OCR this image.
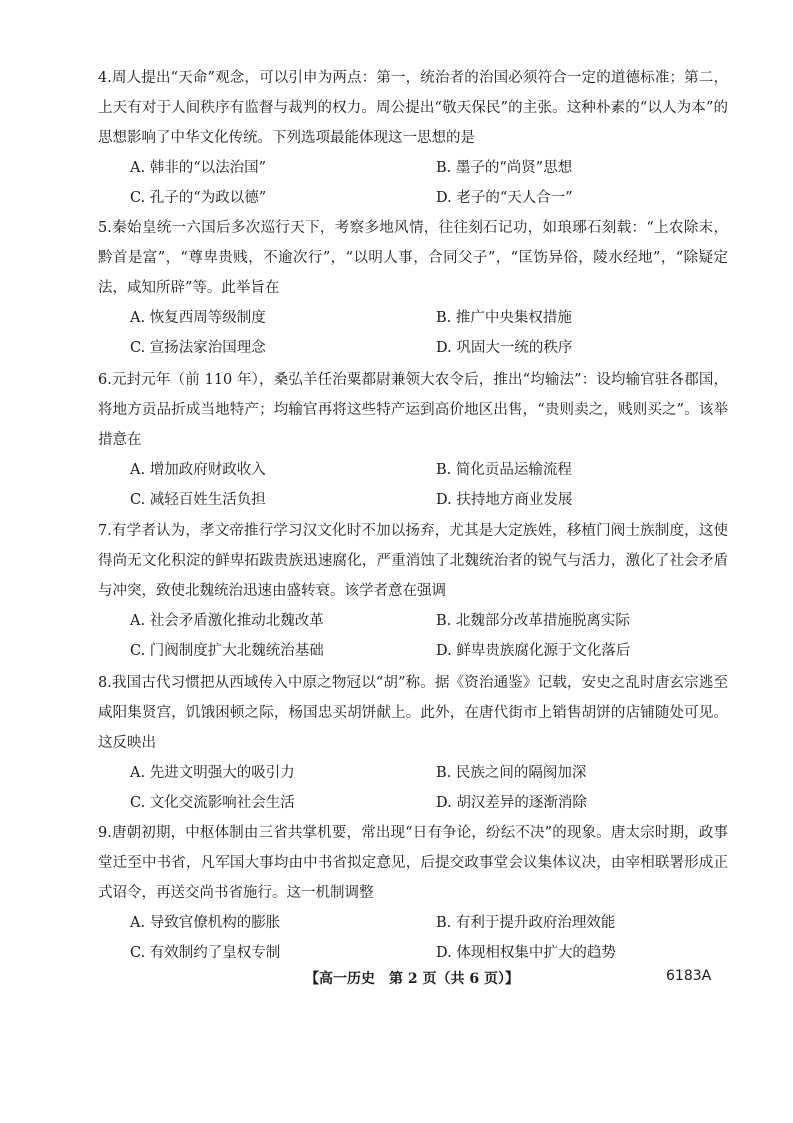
4.周人提出“天命”观念，可以引申为两点：第一，统治者的治国必须符合一定的道德标准；第二，上天有对于人间秩序有监督与裁判的权力。周公提出“敬天保民”的主张。这种朴素的“以人为本”的思想影响了中华文化传统。下列选项最能体现这一思想的是
A. 韩非的“以法治国”	B. 墨子的“尚贤”思想
C. 孔子的“为政以德”	D. 老子的“天人合一”
5.秦始皇统一六国后多次巡行天下，考察多地风情，往往刻石记功，如琅琊石刻载：“上农除末，黔首是富”，“尊卑贵贱，不逾次行”，“以明人事，合同父子”，“匡饬异俗，陵水经地”，“除疑定法，咸知所辟”等。此举旨在
A. 恢复西周等级制度	B. 推广中央集权措施
C. 宣扬法家治国理念	D. 巩固大一统的秩序
6.元封元年（前 110 年），桑弘羊任治粟都尉兼领大农令后，推出“均输法”：设均输官驻各郡国，将地方贡品折成当地特产；均输官再将这些特产运到高价地区出售，“贵则卖之，贱则买之”。该举措意在
A. 增加政府财政收入	B. 简化贡品运输流程
C. 减轻百姓生活负担	D. 扶持地方商业发展
7.有学者认为，孝文帝推行学习汉文化时不加以扬弃，尤其是大定族姓，移植门阀士族制度，这使得尚无文化积淀的鲜卑拓跋贵族迅速腐化，严重消蚀了北魏统治者的锐气与活力，激化了社会矛盾与冲突，致使北魏统治迅速由盛转衰。该学者意在强调
A. 社会矛盾激化推动北魏改革	B. 北魏部分改革措施脱离实际
C. 门阀制度扩大北魏统治基础	D. 鲜卑贵族腐化源于文化落后
8.我国古代习惯把从西域传入中原之物冠以“胡”称。据《资治通鉴》记载，安史之乱时唐玄宗逃至咸阳集贤宫，饥饿困顿之际，杨国忠买胡饼献上。此外，在唐代街市上销售胡饼的店铺随处可见。这反映出
A. 先进文明强大的吸引力	B. 民族之间的隔阂加深
C. 文化交流影响社会生活	D. 胡汉差异的逐渐消除
9.唐朝初期，中枢体制由三省共掌机要，常出现“日有争论，纷纭不决”的现象。唐太宗时期，政事堂迁至中书省，凡军国大事均由中书省拟定意见，后提交政事堂会议集体议决，由宰相联署形成正式诏令，再送交尚书省施行。这一机制调整
A. 导致官僚机构的膨胀	B. 有利于提升政府治理效能
C. 有效制约了皇权专制	D. 体现相权集中扩大的趋势
【高一历史　第 2 页（共 6 页）】	6183A
